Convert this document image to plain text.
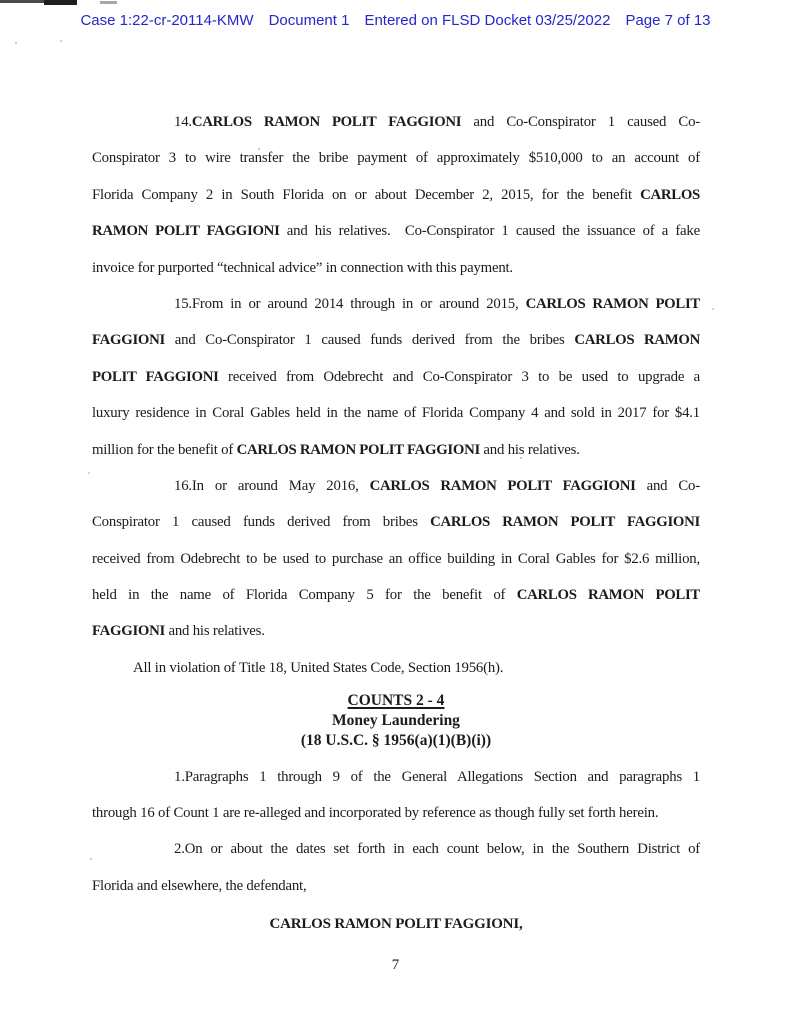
Case 1:22-cr-20114-KMW Document 1 Entered on FLSD Docket 03/25/2022 Page 7 of 13
14.CARLOS RAMON POLIT FAGGIONI and Co-Conspirator 1 caused Co-
Conspirator 3 to wire transfer the bribe payment of approximately $510,000 to an account of
Florida Company 2 in South Florida on or about December 2, 2015, for the benefit CARLOS
RAMON POLIT FAGGIONI and his relatives.  Co-Conspirator 1 caused the issuance of a fake
invoice for purported “technical advice” in connection with this payment.
15.From in or around 2014 through in or around 2015, CARLOS RAMON POLIT
FAGGIONI and Co-Conspirator 1 caused funds derived from the bribes CARLOS RAMON
POLIT FAGGIONI received from Odebrecht and Co-Conspirator 3 to be used to upgrade a
luxury residence in Coral Gables held in the name of Florida Company 4 and sold in 2017 for $4.1
million for the benefit of CARLOS RAMON POLIT FAGGIONI and his relatives.
16.In or around May 2016, CARLOS RAMON POLIT FAGGIONI and Co-
Conspirator 1 caused funds derived from bribes CARLOS RAMON POLIT FAGGIONI
received from Odebrecht to be used to purchase an office building in Coral Gables for $2.6 million,
held in the name of Florida Company 5 for the benefit of CARLOS RAMON POLIT
FAGGIONI and his relatives.
All in violation of Title 18, United States Code, Section 1956(h).
COUNTS 2 - 4
Money Laundering
(18 U.S.C. § 1956(a)(1)(B)(i))
1.Paragraphs 1 through 9 of the General Allegations Section and paragraphs 1
through 16 of Count 1 are re-alleged and incorporated by reference as though fully set forth herein.
2.On or about the dates set forth in each count below, in the Southern District of
Florida and elsewhere, the defendant,
CARLOS RAMON POLIT FAGGIONI,
7
